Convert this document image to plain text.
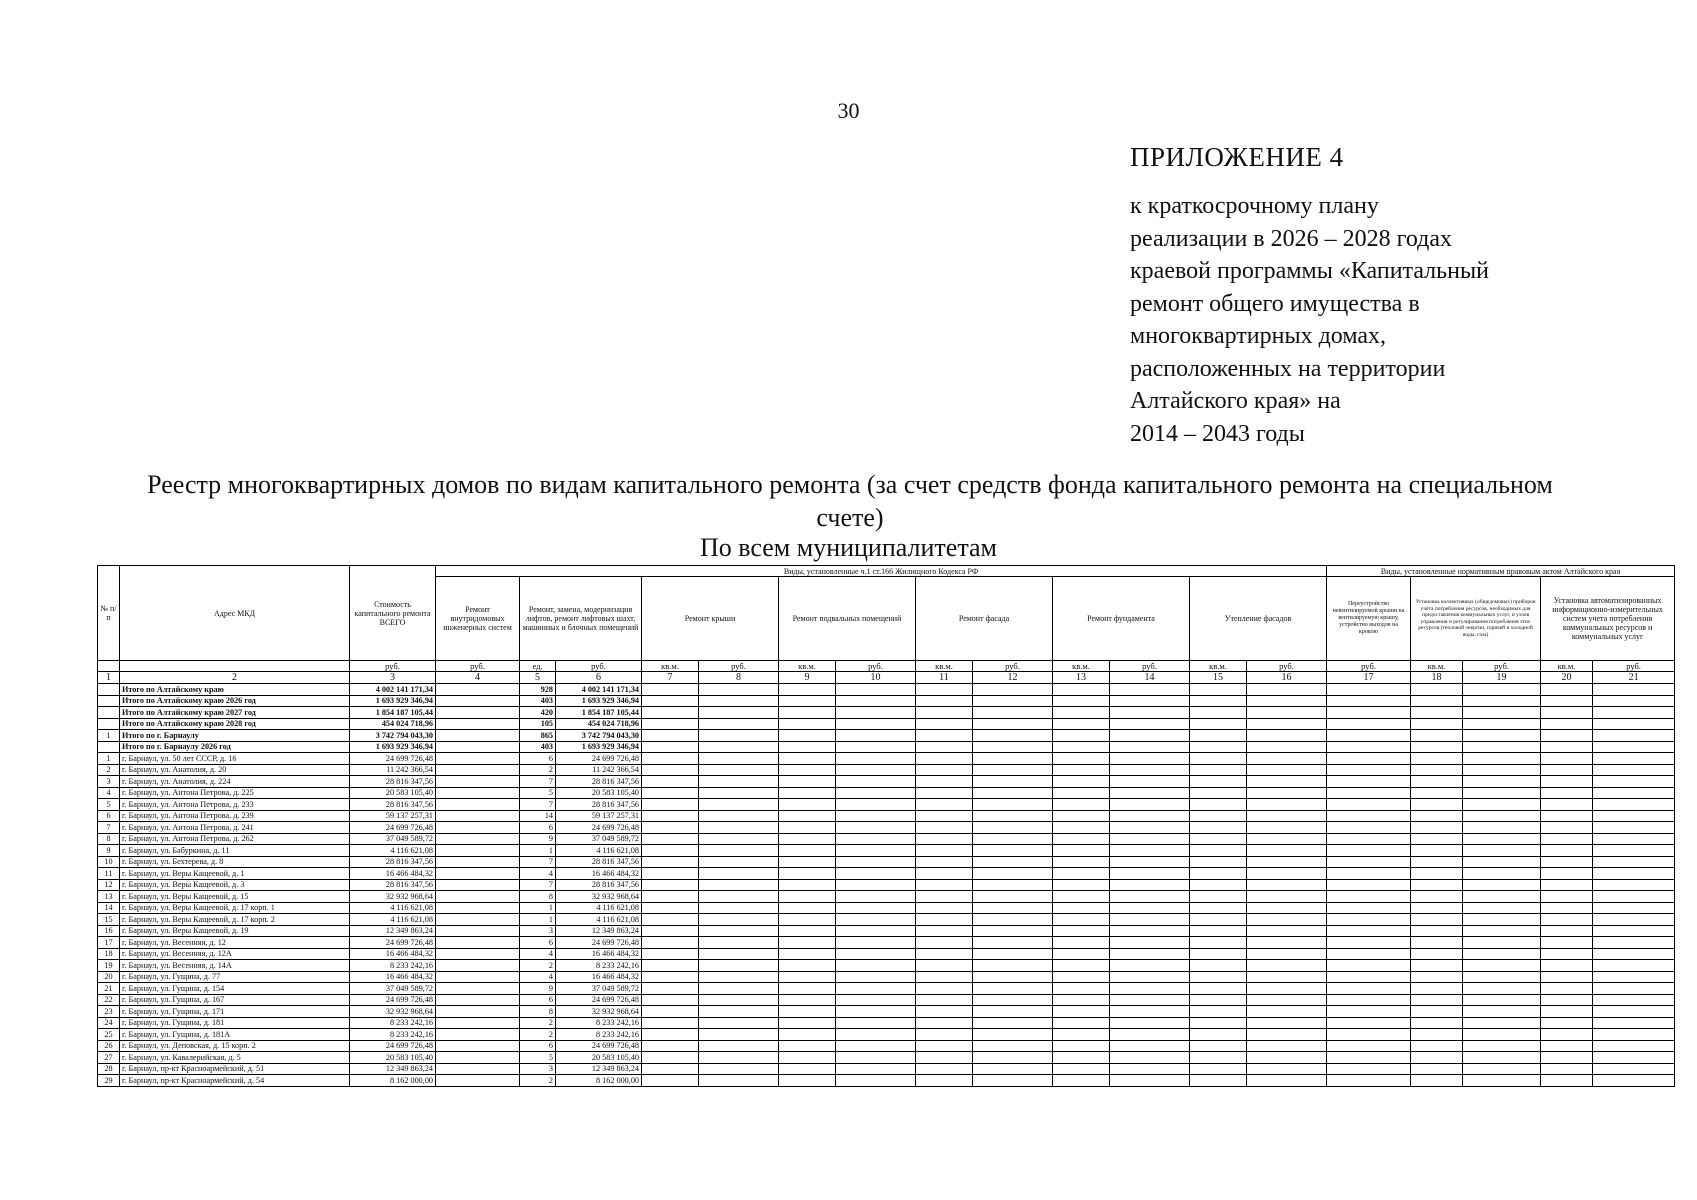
30
ПРИЛОЖЕНИЕ 4
к краткосрочному плану
реализации в 2026 – 2028 годах
краевой программы «Капитальный
ремонт общего имущества в
многоквартирных домах,
расположенных на территории
Алтайского края» на
2014 – 2043 годы
Реестр многоквартирных домов по видам капитального ремонта (за счет средств фонда капитального ремонта на специальном счете)
По всем муниципалитетам
№ п/п	Адрес МКД	Стоимость капитального ремонта ВСЕГО	Виды, установленные ч.1 ст.166 Жилищного Кодекса РФ													Виды, установленные нормативным правовым актом Алтайского края				
			Ремонт внутридомовых инженерных систем	Ремонт, замена, модернизация лифтов, ремонт лифтовых шахт, машинных и блочных помещений		Ремонт крыши		Ремонт подвальных помещений		Ремонт фасада		Ремонт фундамента		Утепление фасадов		Переустройство невентилируемой крыши на вентилируемую крышу, устройство выходов на кровлю	Установка коллективных (общедомовых) приборов учёта потребления ресурсов, необходимых для предоставления коммунальных услуг, и узлов управления и регулирования потребления этих ресурсов (тепловой энергии, горячей и холодной воды, газа)		Установка автоматизированных информационно-измерительных систем учета потребления коммунальных ресурсов и коммунальных услуг	
		руб.	руб.	ед.	руб.	кв.м.	руб.	кв.м.	руб.	кв.м.	руб.	кв.м.	руб.	кв.м.	руб.	руб.	кв.м.	руб.	кв.м.	руб.
1	2	3	4	5	6	7	8	9	10	11	12	13	14	15	16	17	18	19	20	21
	Итого по Алтайскому краю	4 002 141 171,34		928	4 002 141 171,34															
	Итого по Алтайскому краю 2026 год	1 693 929 346,94		403	1 693 929 346,94															
	Итого по Алтайскому краю 2027 год	1 854 187 105,44		420	1 854 187 105,44															
	Итого по Алтайскому краю 2028 год	454 024 718,96		105	454 024 718,96															
1	Итого по г. Барнаулу	3 742 794 043,30		865	3 742 794 043,30															
	Итого по г. Барнаулу 2026 год	1 693 929 346,94		403	1 693 929 346,94															
1	г. Барнаул, ул. 50 лет СССР, д. 16	24 699 726,48		6	24 699 726,48															
2	г. Барнаул, ул. Анатолия, д. 20	11 242 366,54		2	11 242 366,54															
3	г. Барнаул, ул. Анатолия, д. 224	28 816 347,56		7	28 816 347,56															
4	г. Барнаул, ул. Антона Петрова, д. 225	20 583 105,40		5	20 583 105,40															
5	г. Барнаул, ул. Антона Петрова, д. 233	28 816 347,56		7	28 816 347,56															
6	г. Барнаул, ул. Антона Петрова, д. 239	59 137 257,31		14	59 137 257,31															
7	г. Барнаул, ул. Антона Петрова, д. 241	24 699 726,48		6	24 699 726,48															
8	г. Барнаул, ул. Антона Петрова, д. 262	37 049 589,72		9	37 049 589,72															
9	г. Барнаул, ул. Бабуркина, д. 11	4 116 621,08		1	4 116 621,08															
10	г. Барнаул, ул. Бехтерева, д. 8	28 816 347,56		7	28 816 347,56															
11	г. Барнаул, ул. Веры Кащеевой, д. 1	16 466 484,32		4	16 466 484,32															
12	г. Барнаул, ул. Веры Кащеевой, д. 3	28 816 347,56		7	28 816 347,56															
13	г. Барнаул, ул. Веры Кащеевой, д. 15	32 932 968,64		8	32 932 968,64															
14	г. Барнаул, ул. Веры Кащеевой, д. 17 корп. 1	4 116 621,08		1	4 116 621,08															
15	г. Барнаул, ул. Веры Кащеевой, д. 17 корп. 2	4 116 621,08		1	4 116 621,08															
16	г. Барнаул, ул. Веры Кащеевой, д. 19	12 349 863,24		3	12 349 863,24															
17	г. Барнаул, ул. Весенняя, д. 12	24 699 726,48		6	24 699 726,48															
18	г. Барнаул, ул. Весенняя, д. 12А	16 466 484,32		4	16 466 484,32															
19	г. Барнаул, ул. Весенняя, д. 14А	8 233 242,16		2	8 233 242,16															
20	г. Барнаул, ул. Гущина, д. 77	16 466 484,32		4	16 466 484,32															
21	г. Барнаул, ул. Гущина, д. 154	37 049 589,72		9	37 049 589,72															
22	г. Барнаул, ул. Гущина, д. 167	24 699 726,48		6	24 699 726,48															
23	г. Барнаул, ул. Гущина, д. 171	32 932 968,64		8	32 932 968,64															
24	г. Барнаул, ул. Гущина, д. 181	8 233 242,16		2	8 233 242,16															
25	г. Барнаул, ул. Гущина, д. 181А	8 233 242,16		2	8 233 242,16															
26	г. Барнаул, ул. Деповская, д. 15 корп. 2	24 699 726,48		6	24 699 726,48															
27	г. Барнаул, ул. Кавалерийская, д. 5	20 583 105,40		5	20 583 105,40															
28	г. Барнаул, пр-кт Красноармейский, д. 51	12 349 863,24		3	12 349 863,24															
29	г. Барнаул, пр-кт Красноармейский, д. 54	8 162 000,00		2	8 162 000,00															
